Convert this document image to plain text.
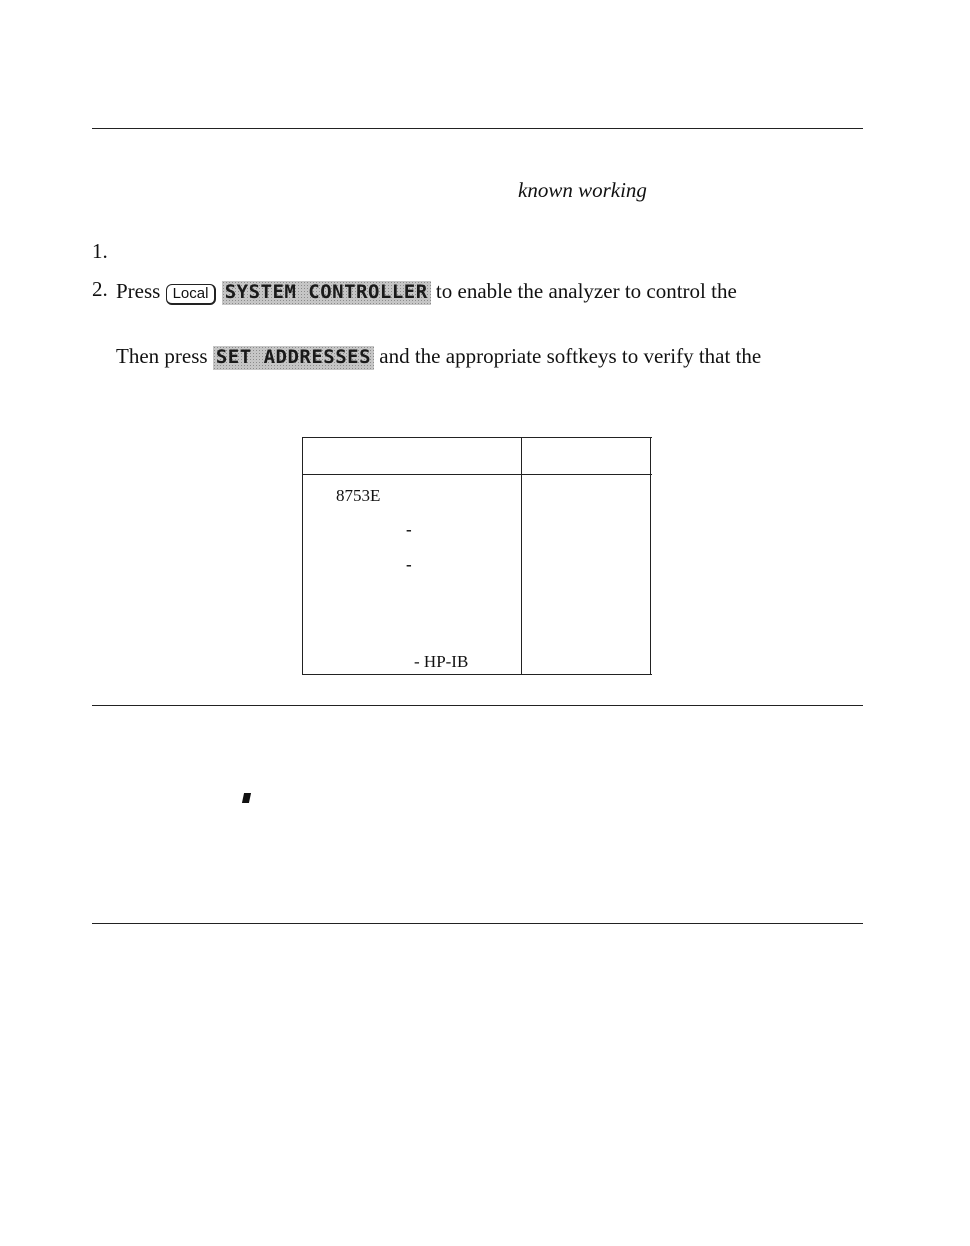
known working
1.
2. Press Local SYSTEM CONTROLLER to enable the analyzer to control the
Then press SET ADDRESSES and the appropriate softkeys to verify that the
8753E
-
-
- HP-IB
